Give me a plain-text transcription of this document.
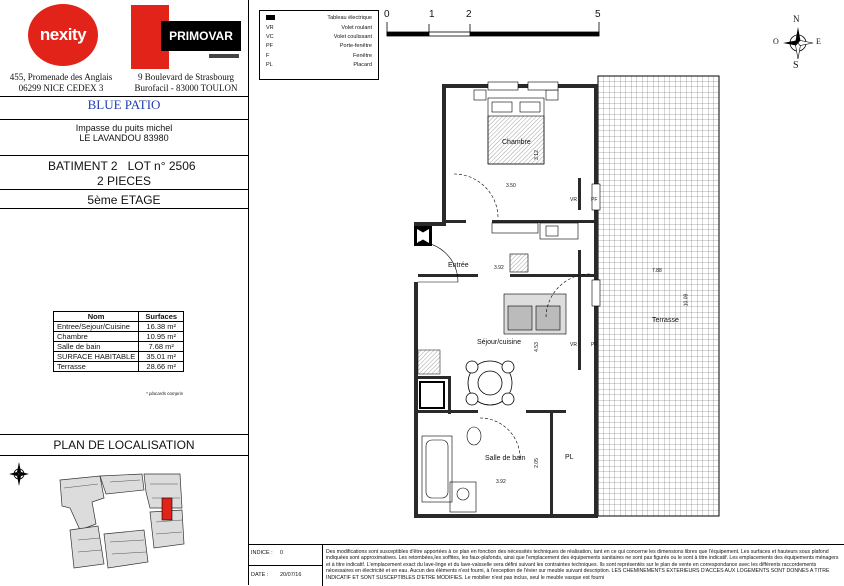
nexity	PRIMOVAR
455, Promenade des Anglais
06299 NICE CEDEX 3
9 Boulevard de Strasbourg
Burofacil - 83000 TOULON
BLUE PATIO
Impasse du puits michel
LE LAVANDOU 83980
BATIMENT 2 LOT n° 2506
2 PIECES
5ème ETAGE
Nom	Surfaces
Entree/Sejour/Cuisine	16.38 m²
Chambre	10.95 m²
Salle de bain	7.68 m²
SURFACE HABITABLE	35.01 m²
Terrasse	28.66 m²
* placards compris
PLAN DE LOCALISATION
Tableau électrique
VR	Volet roulant
VC	Volet coulissant
PF	Porte-fenêtre
F	Fenêtre
PL	Placard
0	1	2	5	N
S
E
O
Chambre
Entrée
Séjour/cuisine
Salle de bain	PL
Terrasse
3.50
3.12
3.92
4.53
2.05
3.92
7.88
10.09
VR	PF
VR	PF
INDICE : 0
DATE : 20/07/16
Des modifications sont susceptibles d'être apportées à ce plan en fonction des nécessités techniques de réalisation, tant en ce qui concerne les dimensions libres que l'équipement. Les surfaces et hauteurs sous plafond indiquées sont approximatives. Les retombées,les soffites, les faux-plafonds, ainsi que l'emplacement des équipements sanitaires ne sont pas figurés ou le sont à titre indicatif. Les emplacements des équipements ménagers et à titre indicatif. L'emplacement exact du lave-linge et du lave-vaisselle sera défini suivant les contraintes techniques. Ils sont représentés sur le plan de vente en correspondance avec les différents raccordements nécessaires en électricité et en eau. Aucun des éléments n'est fourni, à l'exception de l'évier sur meuble suivant description. LES CHEMINEMENTS EXTERIEURS D'ACCES AUX LOGEMENTS SONT DONNES A TITRE INDICATIF ET SONT SUSCEPTIBLES D'ETRE MODIFIES. Le mobilier n'est pas inclus, seul le meuble vasque est fourni
